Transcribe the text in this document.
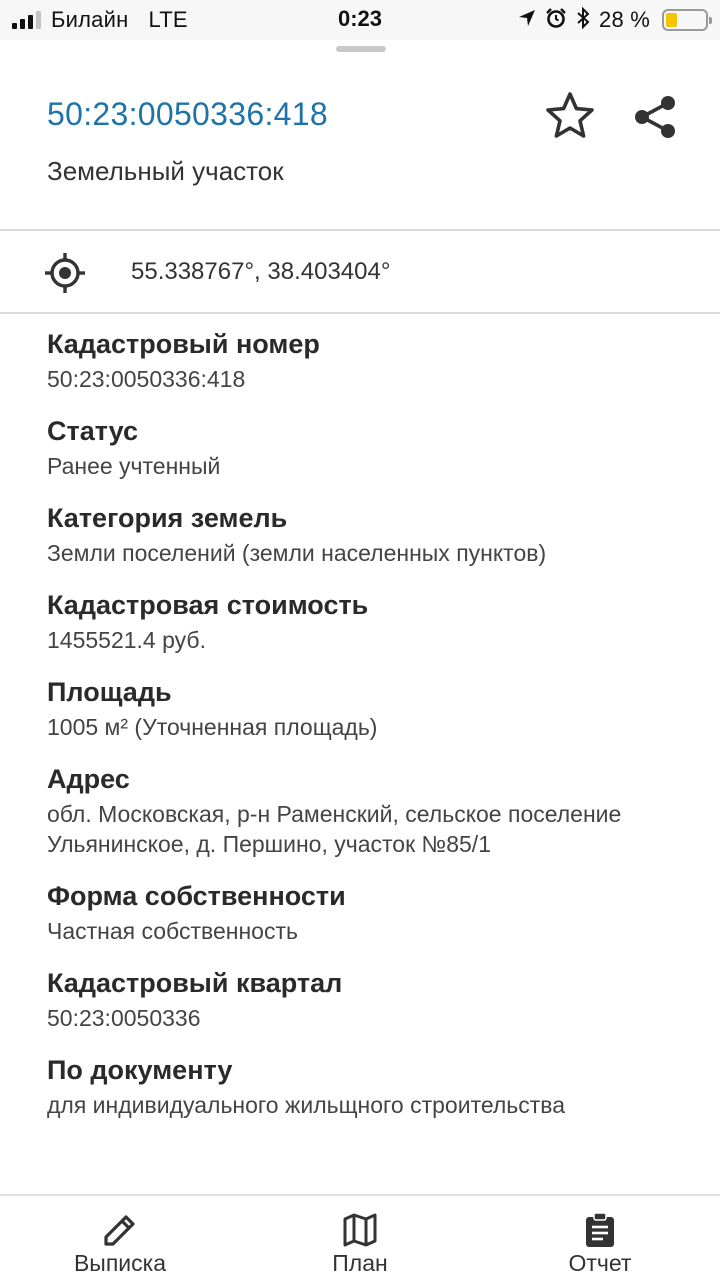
Билайн LTE	0:23	28 %
50:23:0050336:418
Земельный участок
55.338767°, 38.403404°
Кадастровый номер
50:23:0050336:418
Статус
Ранее учтенный
Категория земель
Земли поселений (земли населенных пунктов)
Кадастровая стоимость
1455521.4 руб.
Площадь
1005 м² (Уточненная площадь)
Адрес
обл. Московская, р-н Раменский, сельское поселение
Ульянинское, д. Першино, участок №85/1
Форма собственности
Частная собственность
Кадастровый квартал
50:23:0050336
По документу
для индивидуального жильщного строительства
Выписка	План	Отчет
